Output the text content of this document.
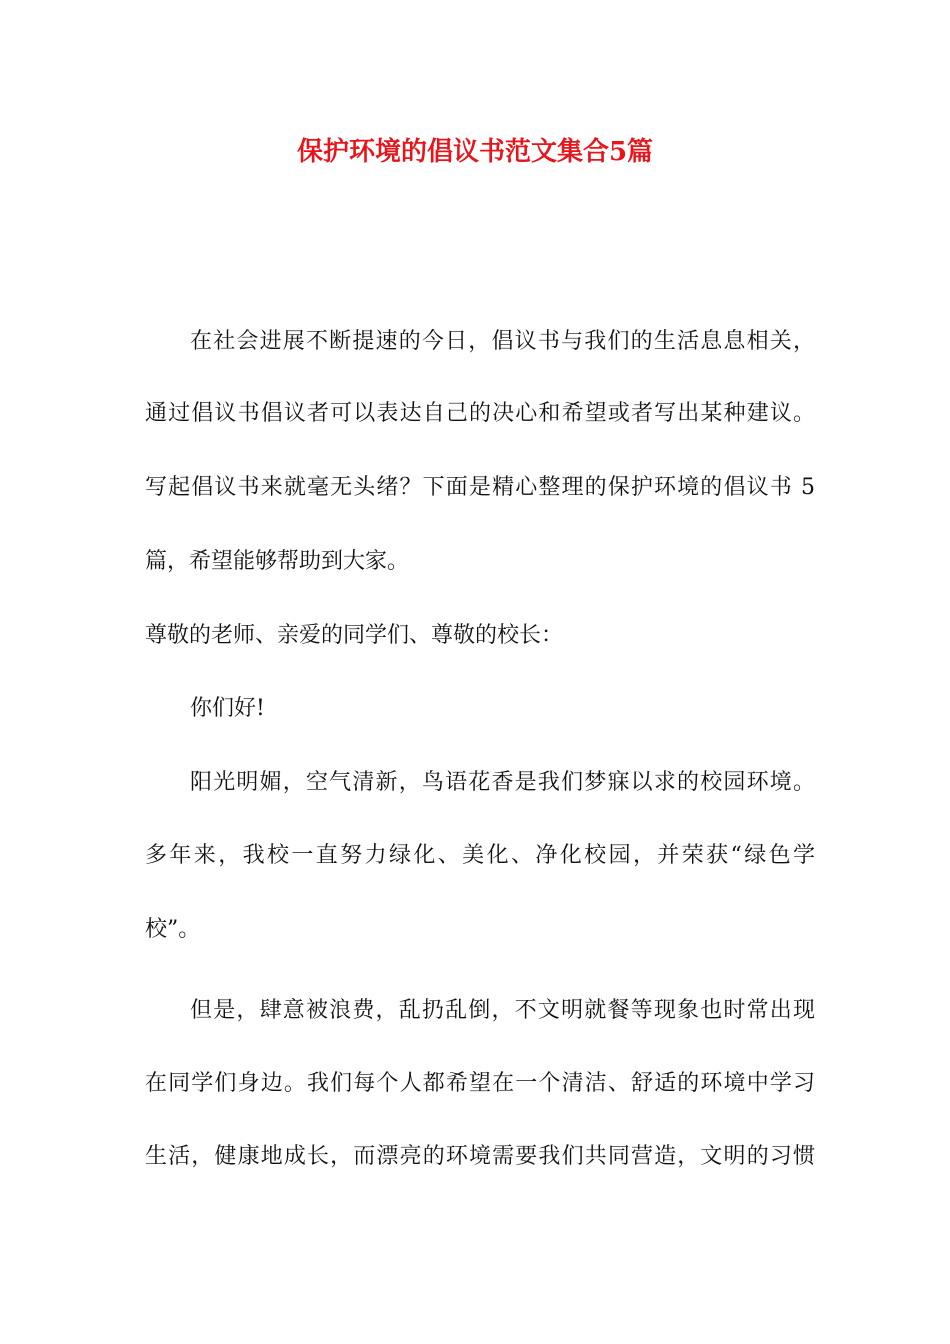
保护环境的倡议书范文集合5篇

在社会进展不断提速的今日，倡议书与我们的生活息息相关，

通过倡议书倡议者可以表达自己的决心和希望或者写出某种建议。

写起倡议书来就毫无头绪？下面是精心整理的保护环境的倡议书 5

篇，希望能够帮助到大家。

尊敬的老师、亲爱的同学们、尊敬的校长：

你们好!

阳光明媚，空气清新，鸟语花香是我们梦寐以求的校园环境。

多年来，我校一直努力绿化、美化、净化校园，并荣获“绿色学

校”。

但是，肆意被浪费，乱扔乱倒，不文明就餐等现象也时常出现

在同学们身边。我们每个人都希望在一个清洁、舒适的环境中学习

生活，健康地成长，而漂亮的环境需要我们共同营造，文明的习惯
